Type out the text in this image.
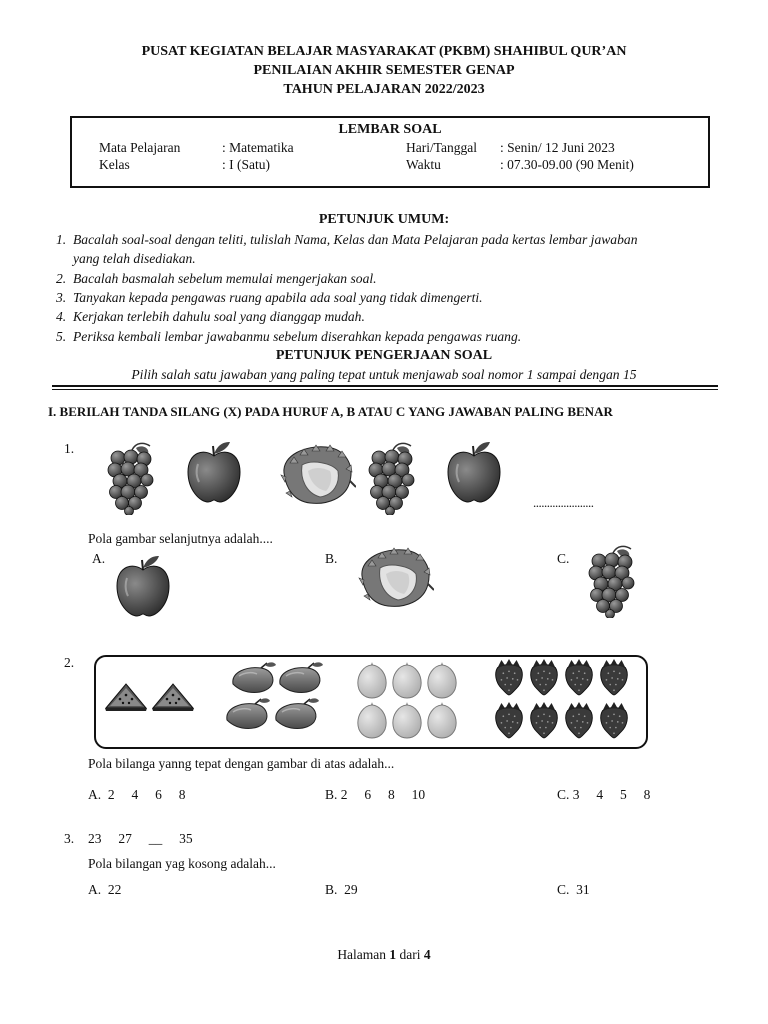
PUSAT KEGIATAN BELAJAR MASYARAKAT (PKBM) SHAHIBUL QUR’AN
PENILAIAN AKHIR SEMESTER GENAP
TAHUN PELAJARAN 2022/2023
LEMBAR SOAL
Mata Pelajaran	: Matematika
Kelas	: I (Satu)
Hari/Tanggal : Senin/ 12 Juni 2023
Waktu	: 07.30-09.00 (90 Menit)
PETUNJUK UMUM:
1. Bacalah soal-soal dengan teliti, tulislah Nama, Kelas dan Mata Pelajaran pada kertas lembar jawaban
yang telah disediakan.
2. Bacalah basmalah sebelum memulai mengerjakan soal.
3. Tanyakan kepada pengawas ruang apabila ada soal yang tidak dimengerti.
4. Kerjakan terlebih dahulu soal yang dianggap mudah.
5. Periksa kembali lembar jawabanmu sebelum diserahkan kepada pengawas ruang.
PETUNJUK PENGERJAAN SOAL
Pilih salah satu jawaban yang paling tepat untuk menjawab soal nomor 1 sampai dengan 15
I. BERILAH TANDA SILANG (X) PADA HURUF A, B ATAU C YANG JAWABAN PALING BENAR
1.
......................
Pola gambar selanjutnya adalah....
A.	B.	C.
2.
Pola bilanga yanng tepat dengan gambar di atas adalah...
A.  2     4     6     8	B. 2     6     8     10	C. 3     4     5     8
3. 23     27     __     35
Pola bilangan yag kosong adalah...
A.  22	B.  29	C.  31
Halaman 1 dari 4
